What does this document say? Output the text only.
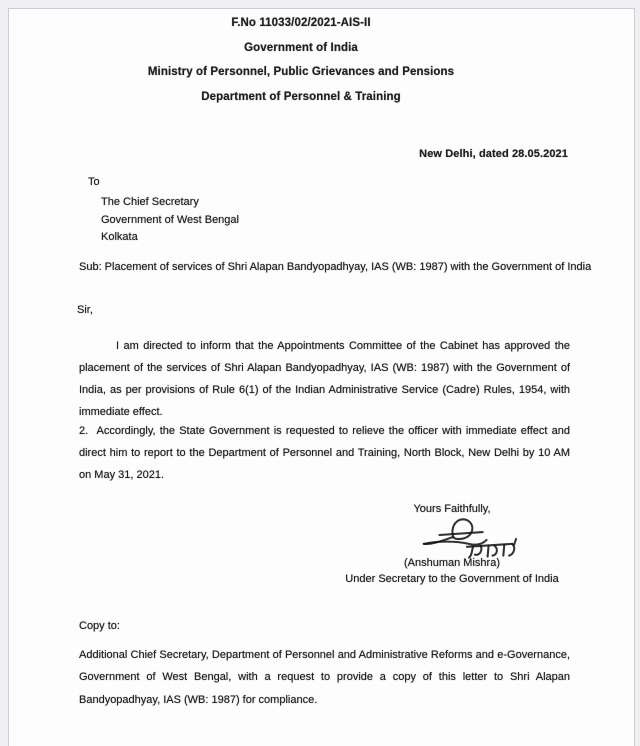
F.No 11033/02/2021-AIS-II
Government of India
Ministry of Personnel, Public Grievances and Pensions
Department of Personnel & Training
New Delhi, dated 28.05.2021
To
The Chief Secretary
Government of West Bengal
Kolkata
Sub: Placement of services of Shri Alapan Bandyopadhyay, IAS (WB: 1987) with the Government of India
Sir,
I am directed to inform that the Appointments Committee of the Cabinet has approved the placement of the services of Shri Alapan Bandyopadhyay, IAS (WB: 1987) with the Government of India, as per provisions of Rule 6(1) of the Indian Administrative Service (Cadre) Rules, 1954, with immediate effect.
2.  Accordingly, the State Government is requested to relieve the officer with immediate effect and direct him to report to the Department of Personnel and Training, North Block, New Delhi by 10 AM on May 31, 2021.
Yours Faithfully,
(Anshuman Mishra)
Under Secretary to the Government of India
Copy to:
Additional Chief Secretary, Department of Personnel and Administrative Reforms and e-Governance, Government of West Bengal, with a request to provide a copy of this letter to Shri Alapan Bandyopadhyay, IAS (WB: 1987) for compliance.
